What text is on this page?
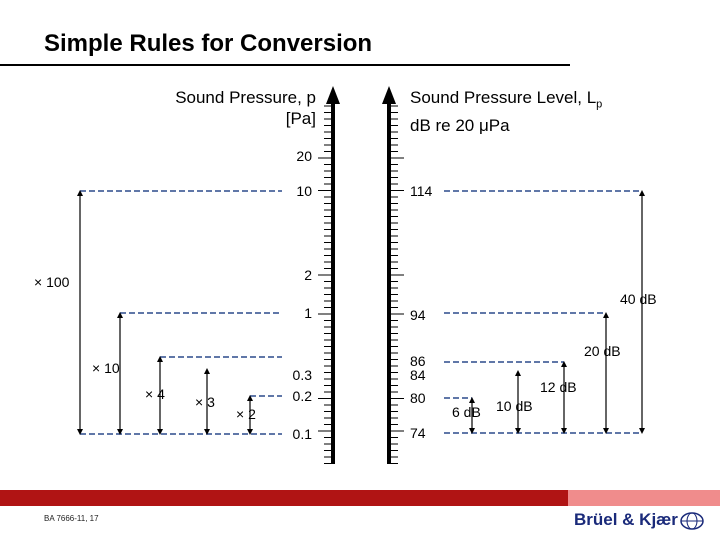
Simple Rules for Conversion
Sound Pressure, p
[Pa]
Sound Pressure Level, $L_p$
dB re 20 μPa
20
10
2
1
0.3
0.2
0.1
114
94
86
84
80
74
× 100
× 10
× 4 × 3
× 2
40 dB
20 dB
12 dB
10 dB
6 dB
BA 7666-11, 17	Brüel & Kjær
